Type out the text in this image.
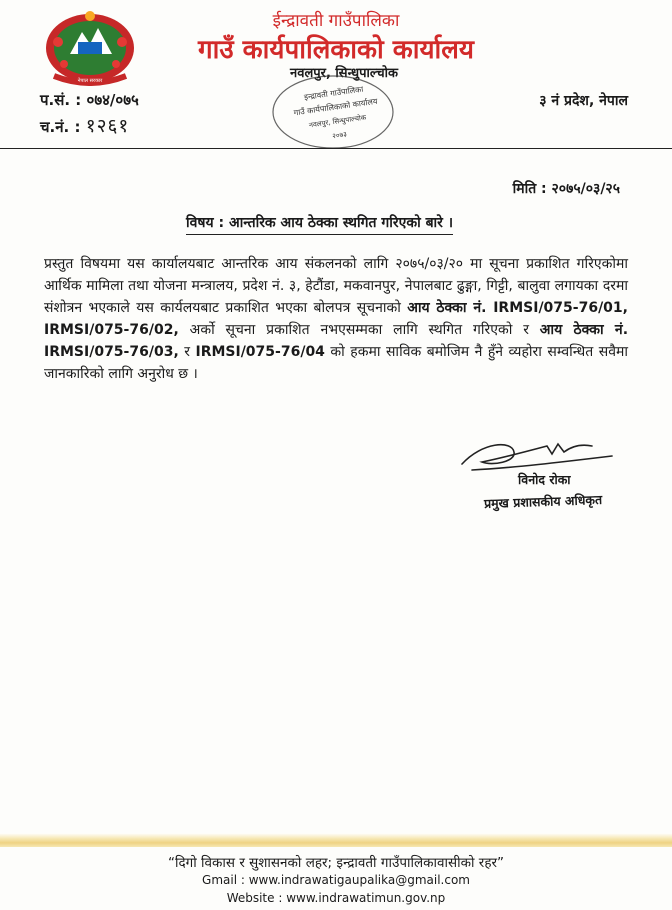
नेपाल सरकार
ईन्द्रावती गाउँपालिका
गाउँ कार्यपालिकाको कार्यालय
नवलपुर, सिन्धुपाल्चोक
इन्द्रावती गाउँपालिका
गाउँ कार्यपालिकाको कार्यालय
नवलपुर, सिन्धुपाल्चोक
२०७३
प.सं. : ०७४/०७५
च.नं. : १२६१
३ नं प्रदेश, नेपाल
मिति : २०७५/०३/२५
विषय : आन्तरिक आय ठेक्का स्थगित गरिएको बारे ।
प्रस्तुत विषयमा यस कार्यालयबाट आन्तरिक आय संकलनको लागि २०७५/०३/२० मा सूचना प्रकाशित गरिएकोमा आर्थिक मामिला तथा योजना मन्त्रालय, प्रदेश नं. ३, हेटौंडा, मकवानपुर, नेपालबाट ढुङ्गा, गिट्टी, बालुवा लगायका दरमा संशोत्रन भएकाले यस कार्यलयबाट प्रकाशित भएका बोलपत्र सूचनाको आय ठेक्का नं. IRMSI/075-76/01, IRMSI/075-76/02, अर्को सूचना प्रकाशित नभएसम्मका लागि स्थगित गरिएको र आय ठेक्का नं. IRMSI/075-76/03, र IRMSI/075-76/04 को हकमा साविक बमोजिम नै हुँने व्यहोरा सम्वन्धित सवैमा जानकारिको लागि अनुरोध छ ।
विनोद रोका
प्रमुख प्रशासकीय अधिकृत
“दिगो विकास र सुशासनको लहर; इन्द्रावती गाउँपालिकावासीको रहर”
Gmail : www.indrawatigaupalika@gmail.com
Website : www.indrawatimun.gov.np
